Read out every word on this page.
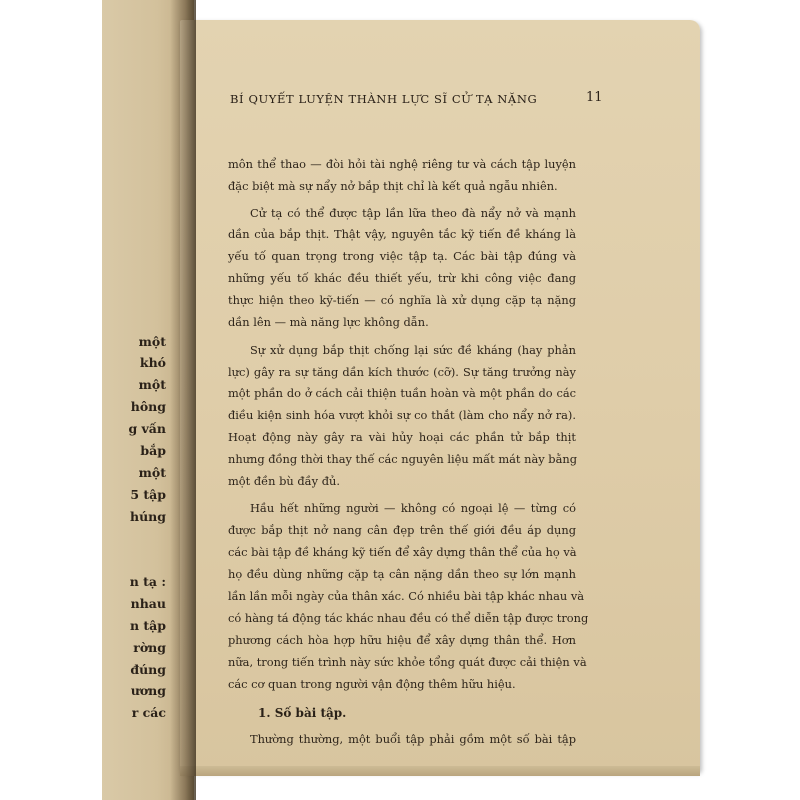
một
khó
một
hông
g vấn
bắp
một
5 tập
húng
n tạ :
nhau
n tập
rờng
đúng
ương
r các
BÍ QUYẾT LUYỆN THÀNH LỰC SĨ CỬ TẠ NẶNG	11
môn thể thao — đòi hỏi tài nghệ riêng tư và cách tập luyện
đặc biệt mà sự nẩy nở bắp thịt chỉ là kết quả ngẫu nhiên.
Cử tạ có thể được tập lần lữa theo đà nẩy nở và mạnh
dần của bắp thịt. Thật vậy, nguyên tắc kỹ tiến đề kháng là
yếu tố quan trọng trong việc tập tạ. Các bài tập đúng và
những yếu tố khác đều thiết yếu, trừ khi công việc đang
thực hiện theo kỹ-tiến — có nghĩa là xử dụng cặp tạ nặng
dần lên — mà năng lực không dẫn.
Sự xử dụng bắp thịt chống lại sức đề kháng (hay phản
lực) gây ra sự tăng dần kích thước (cỡ). Sự tăng trưởng này
một phần do ở cách cải thiện tuần hoàn và một phần do các
điều kiện sinh hóa vượt khỏi sự co thắt (làm cho nẩy nở ra).
Hoạt động này gây ra vài hủy hoại các phần tử bắp thịt
nhưng đồng thời thay thế các nguyên liệu mất mát này bằng
một đền bù đầy đủ.
Hầu hết những người — không có ngoại lệ — từng có
được bắp thịt nở nang cân đẹp trên thế giới đều áp dụng
các bài tập đề kháng kỹ tiến để xây dựng thân thể của họ và
họ đều dùng những cặp tạ cân nặng dần theo sự lớn mạnh
lần lần mỗi ngày của thân xác. Có nhiều bài tập khác nhau và
có hàng tá động tác khác nhau đều có thể diễn tập được trong
phương cách hòa hợp hữu hiệu để xây dựng thân thể. Hơn
nữa, trong tiến trình này sức khỏe tổng quát được cải thiện và
các cơ quan trong người vận động thêm hữu hiệu.
1. Số bài tập.
Thường thường, một buổi tập phải gồm một số bài tập
